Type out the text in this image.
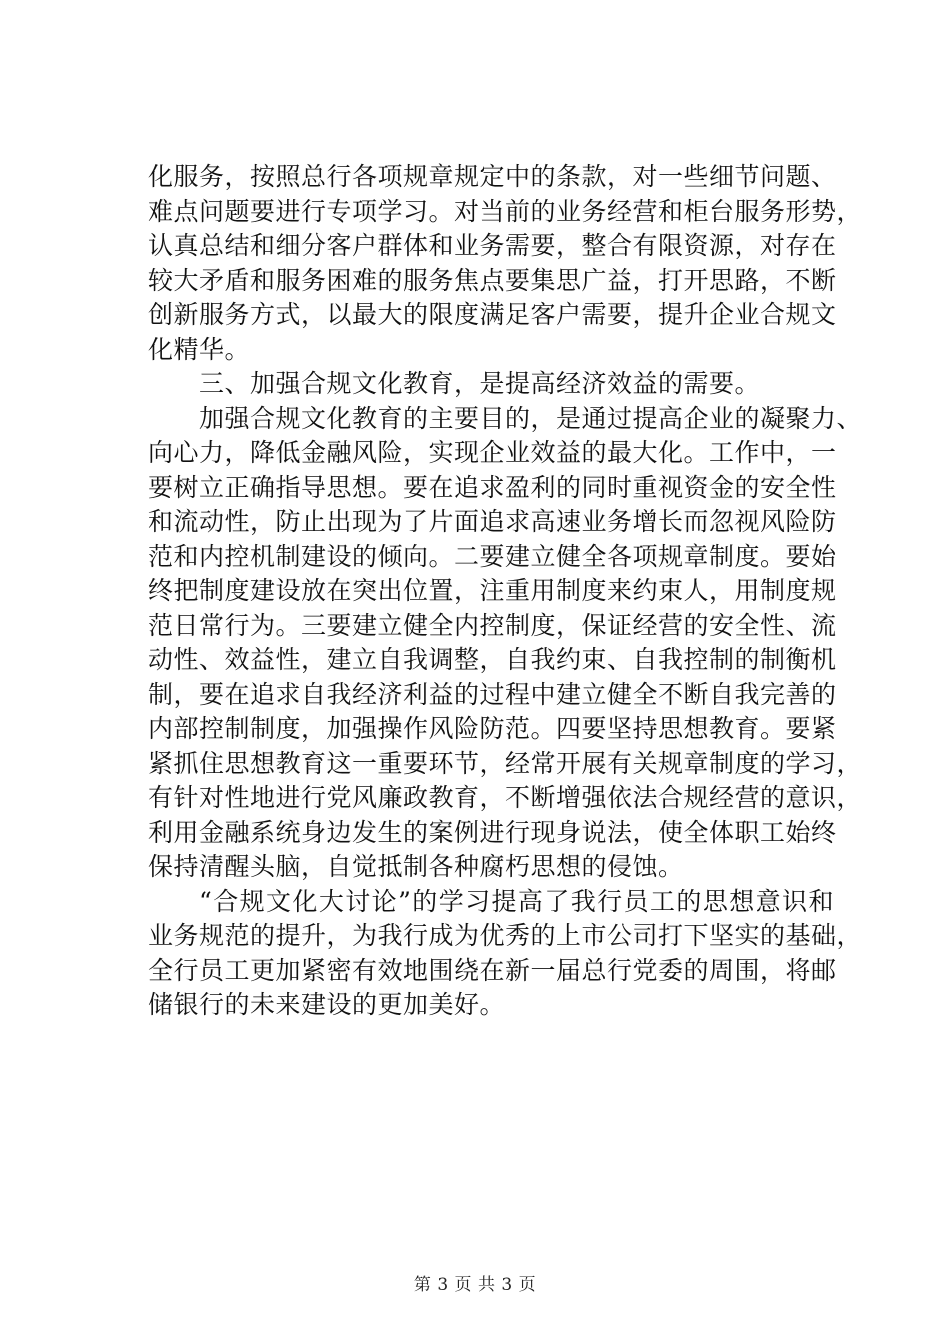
化服务，按照总行各项规章规定中的条款，对一些细节问题、
难点问题要进行专项学习。对当前的业务经营和柜台服务形势，
认真总结和细分客户群体和业务需要，整合有限资源，对存在
较大矛盾和服务困难的服务焦点要集思广益，打开思路，不断
创新服务方式，以最大的限度满足客户需要，提升企业合规文
化精华。
三、加强合规文化教育，是提高经济效益的需要。
加强合规文化教育的主要目的，是通过提高企业的凝聚力、
向心力，降低金融风险，实现企业效益的最大化。工作中，一
要树立正确指导思想。要在追求盈利的同时重视资金的安全性
和流动性，防止出现为了片面追求高速业务增长而忽视风险防
范和内控机制建设的倾向。二要建立健全各项规章制度。要始
终把制度建设放在突出位置，注重用制度来约束人，用制度规
范日常行为。三要建立健全内控制度，保证经营的安全性、流
动性、效益性，建立自我调整，自我约束、自我控制的制衡机
制，要在追求自我经济利益的过程中建立健全不断自我完善的
内部控制制度，加强操作风险防范。四要坚持思想教育。要紧
紧抓住思想教育这一重要环节，经常开展有关规章制度的学习，
有针对性地进行党风廉政教育，不断增强依法合规经营的意识，
利用金融系统身边发生的案例进行现身说法，使全体职工始终
保持清醒头脑，自觉抵制各种腐朽思想的侵蚀。
“合规文化大讨论”的学习提高了我行员工的思想意识和
业务规范的提升，为我行成为优秀的上市公司打下坚实的基础，
全行员工更加紧密有效地围绕在新一届总行党委的周围，将邮
储银行的未来建设的更加美好。
第 3 页 共 3 页
